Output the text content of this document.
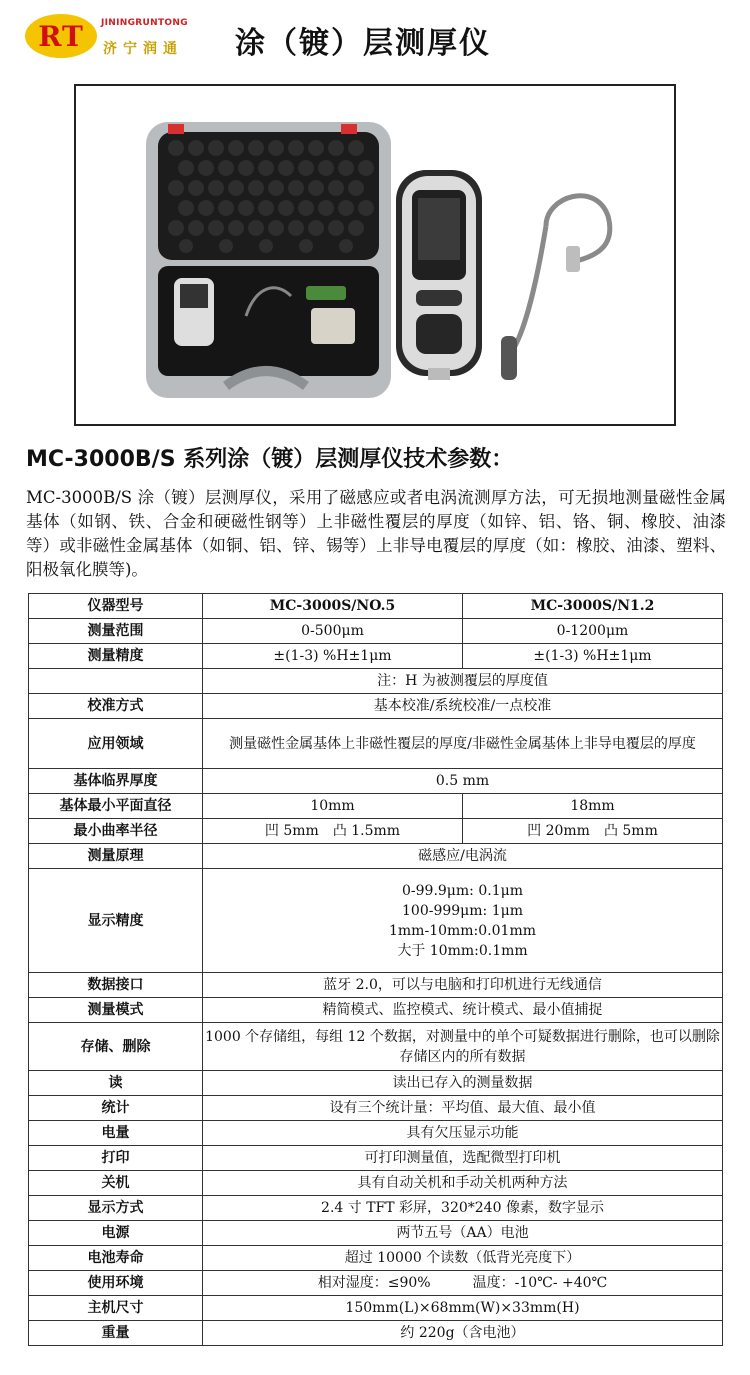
RT	JININGRUNTONG
济宁润通 涂（镀）层测厚仪
MC-3000B/S 系列涂（镀）层测厚仪技术参数：
MC-3000B/S 涂（镀）层测厚仪，采用了磁感应或者电涡流测厚方法，可无损地测量磁性金属基体（如钢、铁、合金和硬磁性钢等）上非磁性覆层的厚度（如锌、铝、铬、铜、橡胶、油漆等）或非磁性金属基体（如铜、铝、锌、锡等）上非导电覆层的厚度（如：橡胶、油漆、塑料、阳极氧化膜等)。
仪器型号	MC-3000S/NO.5	MC-3000S/N1.2
测量范围	0-500μm	0-1200μm
测量精度	±(1-3) %H±1μm	±(1-3) %H±1μm
	注：H 为被测覆层的厚度值	
校准方式	基本校准/系统校准/一点校准	
应用领域	测量磁性金属基体上非磁性覆层的厚度/非磁性金属基体上非导电覆层的厚度	
基体临界厚度	0.5 mm	
基体最小平面直径	10mm	18mm
最小曲率半径	凹 5mm　凸 1.5mm	凹 20mm　凸 5mm
测量原理	磁感应/电涡流	
显示精度	0-99.9μm: 0.1μm
100-999μm: 1μm
1mm-10mm:0.01mm
大于 10mm:0.1mm	

数据接口	蓝牙 2.0，可以与电脑和打印机进行无线通信	
测量模式	精简模式、监控模式、统计模式、最小值捕捉	
存储、删除	1000 个存储组，每组 12 个数据，对测量中的单个可疑数据进行删除，也可以删除存储区内的所有数据	
读	读出已存入的测量数据	
统计	设有三个统计量：平均值、最大值、最小值	
电量	具有欠压显示功能	
打印	可打印测量值，选配微型打印机	
关机	具有自动关机和手动关机两种方法	
显示方式	2.4 寸 TFT 彩屏，320*240 像素，数字显示	
电源	两节五号（AA）电池	
电池寿命	超过 10000 个读数（低背光亮度下）	
使用环境	相对湿度：≤90%　　　 温度：-10℃- +40℃	
主机尺寸	150mm(L)×68mm(W)×33mm(H)	
重量	约 220g（含电池）	
